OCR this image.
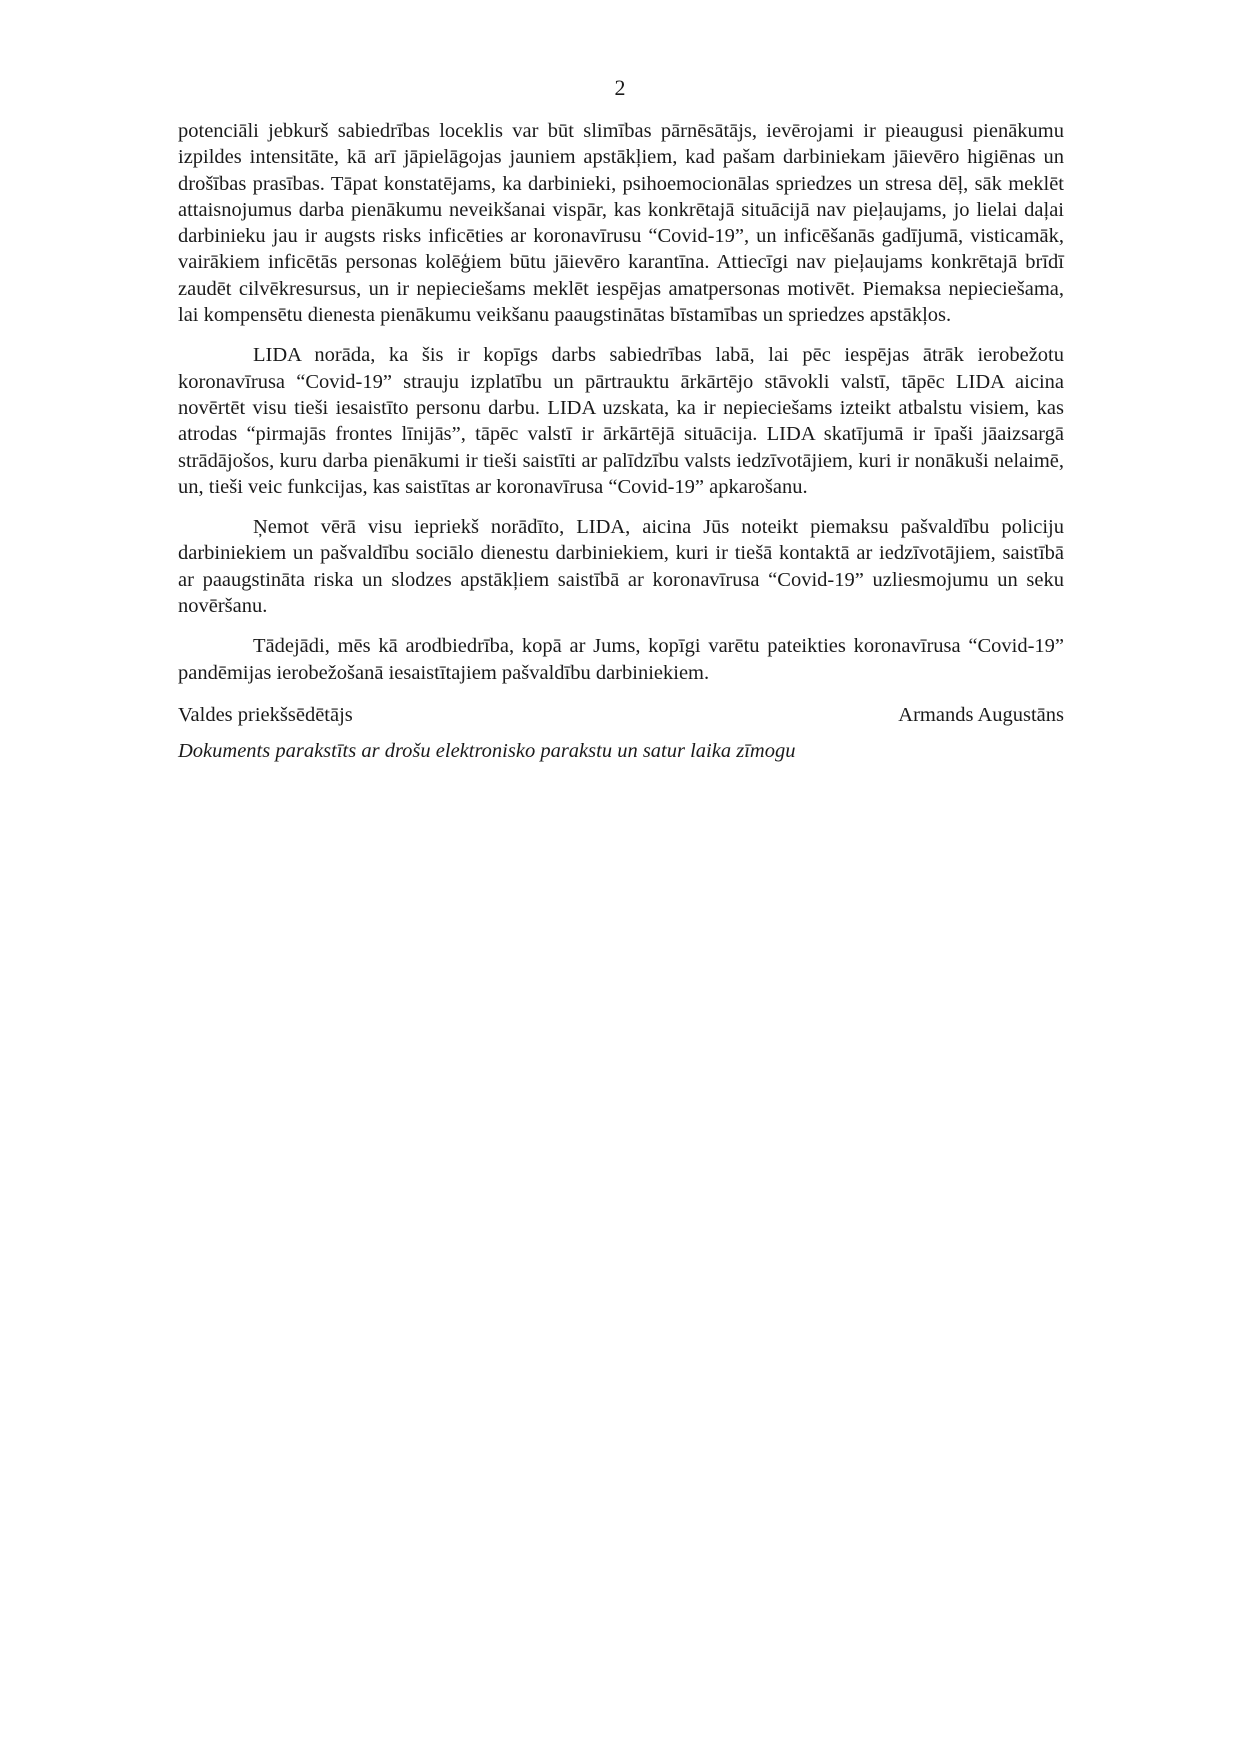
2

potenciāli jebkurš sabiedrības loceklis var būt slimības pārnēsātājs, ievērojami ir pieaugusi pienākumu izpildes intensitāte, kā arī jāpielāgojas jauniem apstākļiem, kad pašam darbiniekam jāievēro higiēnas un drošības prasības. Tāpat konstatējams, ka darbinieki, psihoemocionālas spriedzes un stresa dēļ, sāk meklēt attaisnojumus darba pienākumu neveikšanai vispār, kas konkrētajā situācijā nav pieļaujams, jo lielai daļai darbinieku jau ir augsts risks inficēties ar koronavīrusu “Covid-19”, un inficēšanās gadījumā, visticamāk, vairākiem inficētās personas kolēģiem būtu jāievēro karantīna. Attiecīgi nav pieļaujams konkrētajā brīdī zaudēt cilvēkresursus, un ir nepieciešams meklēt iespējas amatpersonas motivēt. Piemaksa nepieciešama, lai kompensētu dienesta pienākumu veikšanu paaugstinātas bīstamības un spriedzes apstākļos.

LIDA norāda, ka šis ir kopīgs darbs sabiedrības labā, lai pēc iespējas ātrāk ierobežotu koronavīrusa “Covid-19” strauju izplatību un pārtrauktu ārkārtējo stāvokli valstī, tāpēc LIDA aicina novērtēt visu tieši iesaistīto personu darbu. LIDA uzskata, ka ir nepieciešams izteikt atbalstu visiem, kas atrodas “pirmajās frontes līnijās”, tāpēc valstī ir ārkārtējā situācija. LIDA skatījumā ir īpaši jāaizsargā strādājošos, kuru darba pienākumi ir tieši saistīti ar palīdzību valsts iedzīvotājiem, kuri ir nonākuši nelaimē, un, tieši veic funkcijas, kas saistītas ar koronavīrusa “Covid-19” apkarošanu.

Ņemot vērā visu iepriekš norādīto, LIDA, aicina Jūs noteikt piemaksu pašvaldību policiju darbiniekiem un pašvaldību sociālo dienestu darbiniekiem, kuri ir tiešā kontaktā ar iedzīvotājiem, saistībā ar paaugstināta riska un slodzes apstākļiem saistībā ar koronavīrusa “Covid-19” uzliesmojumu un seku novēršanu.

Tādejādi, mēs kā arodbiedrība, kopā ar Jums, kopīgi varētu pateikties koronavīrusa “Covid-19” pandēmijas ierobežošanā iesaistītajiem pašvaldību darbiniekiem.

Valdes priekšsēdētājs	Armands Augustāns
Dokuments parakstīts ar drošu elektronisko parakstu un satur laika zīmogu
